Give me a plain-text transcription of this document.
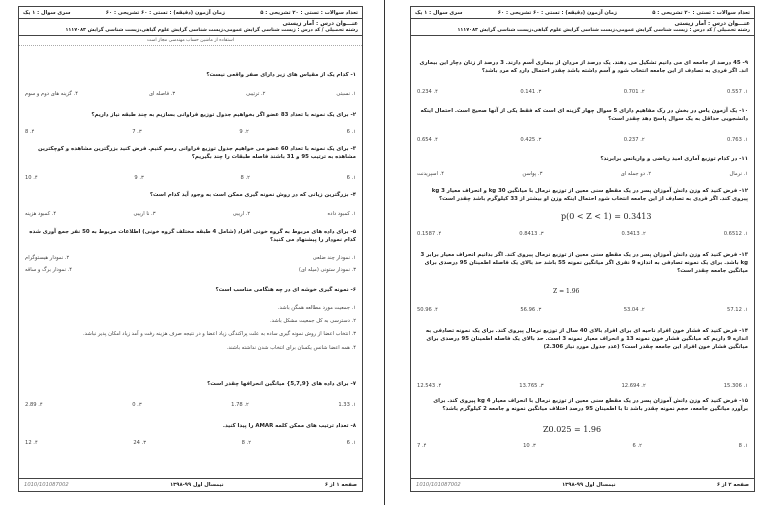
تعداد سوالات : تستی : ۲۰ تشریحی : ۵
زمان آزمون (دقیقه) : تستی : ۶۰ تشریحی : ۶۰
سری سوال : ۱ یک
عنـــوان درس : آمار زیستی
رشته تحصیلی / کد درس : زیست شناسی گرایش عمومی،زیست شناسی گرایش علوم گیاهی،زیست شناسی گرایش ۱۱۱۷۰۸۳
استفاده از ماشین حساب مهندسی مجاز است
۱- کدام یک از مقیاس های زیر دارای صفر واقعی نیست؟
۱. نسبتی
۲. ترتیبی
۳. فاصله ای
۴. گزینه های دوم و سوم
۲- برای یک نمونه با تعداد 83 عضو اگر بخواهیم جدول توزیع فراوانی بسازیم به چند طبقه نیاز داریم؟
۱. 6
۲. 9
۳. 7
۴. 8
۳- برای یک نمونه با تعداد 60 عضو می خواهیم جدول توزیع فراوانی رسم کنیم. فرض کنید بزرگترین مشاهده و کوچکترین مشاهده به ترتیب 95 و 31 باشند فاصله طبقات را چند بگیریم؟
۱. 6
۲. 8
۳. 9
۴. 10
۴- بزرگترین زیانی که در روش نمونه گیری ممکن است به وجود آید کدام است؟
۱. کمبود داده
۲. اریبی
۳. نا اریبی
۴. کمبود هزینه
۵- برای داده های مربوط به گروه خونی افراد (شامل 4 طبقه مختلف گروه خونی) اطلاعات مربوط به 50 نفر جمع آوری شده کدام نمودار را پیشنهاد می کنید؟
۱. نمودار چند ضلعی
۲. نمودار هیستوگرام
۳. نمودار ستونی (میله ای)
۴. نمودار برگ و ساقه
۶- نمونه گیری خوشه ای در چه هنگامی مناسب است؟
۱. جمعیت مورد مطالعه همگن باشد.
۲. دسترسی به کل جمعیت مشکل باشد.
۳. انتخاب اعضا از روش نمونه گیری ساده به علت پراکندگی زیاد اعضا و در نتیجه صرف هزینه رفت و آمد زیاد امکان پذیر نباشد.
۴. همه اعضا شانس یکسان برای انتخاب شدن نداشته باشند.
۷- برای داده های {5,7,9} میانگین انحرافها چقدر است؟
۱. 1.33
۲. 1.78
۳. 0
۴. 2.89
۸- تعداد ترتیب های ممکن کلمه AMAR را پیدا کنید.
۱. 6
۲. 8
۳. 24
۴. 12
صفحه ۱ از ۶
نیمسال اول ۹۹-۱۳۹۸
1010/101087002
تعداد سوالات : تستی : ۲۰ تشریحی : ۵
زمان آزمون (دقیقه) : تستی : ۶۰ تشریحی : ۶۰
سری سوال : ۱ یک
عنـــوان درس : آمار زیستی
رشته تحصیلی / کد درس : زیست شناسی گرایش عمومی،زیست شناسی گرایش علوم گیاهی،زیست شناسی گرایش ۱۱۱۷۰۸۳
۹- 45 درصد از جامعه ای می دانیم تشکیل می دهند. یک درصد از مردان از بیماری آسم دارند. 3 درصد از زنان دچار این بیماری اند. اگر فردی به تصادف از این جامعه انتخاب شود و آسم داشته باشد چقدر احتمال دارد که مرد باشد؟
۱. 0.557
۲. 0.701
۳. 0.141
۴. 0.234
۱۰- یک آزمون یاس در بخش در رک مفاهیم دارای 5 سوال چهار گزینه ای است که فقط یکی از آنها صحیح است. احتمال اینکه دانشجویی حداقل به یک سوال پاسخ دهد چقدر است؟
۱. 0.763
۲. 0.237
۳. 0.425
۴. 0.654
۱۱- در کدام توزیع آماری امید ریاضی و واریانس برابرند؟
۱. نرمال
۲. دو جمله ای
۳. پواسن
۴. اسپریدنت
۱۲- فرض کنید که وزن دانش آموزان پسر در یک مقطع سنی معین از توزیع نرمال با میانگین 30 kg و انحراف معیار 3 kg پیروی کند. اگر فردی به تصادف از این جامعه انتخاب شود احتمال اینکه وزن او بیشتر از 33 کیلوگرم باشد چقدر است؟
p(0 < Z < 1) = 0.3413
۱. 0.6512
۲. 0.3413
۳. 0.8413
۴. 0.1587
۱۳- فرض کنید که وزن دانش آموزان پسر در یک مقطع سنی معین از توزیع نرمال پیروی کند. اگر بدانیم انحراف معیار برابر 3 kg باشد. برای یک نمونه تصادفی به اندازه 9 نفری اگر میانگین نمونه 55 باشد حد بالای یک فاصله اطمینان 95 درصدی برای میانگین جامعه چقدر است؟
Z = 1.96
۱. 57.12
۲. 53.04
۳. 56.96
۴. 50.96
۱۴- فرض کنید که فشار خون افراد ناحیه ای برای افراد بالای 40 سال از توزیع نرمال پیروی کند. برای یک نمونه تصادفی به اندازه 9 داریم که میانگین فشار خون نمونه 13 و انحراف معیار نمونه 3 است. حد بالای یک فاصله اطمینان 95 درصدی برای میانگین فشار خون افراد این جامعه چقدر است؟ (عدد جدول مورد نیاز 2.306)
۱. 15.306
۲. 12.694
۳. 13.765
۴. 12.543
۱۵- فرض کنید که وزن دانش آموزان پسر در یک مقطع سنی معین از توزیع نرمال با انحراف معیار 4 kg پیروی کند. برای برآورد میانگین جامعه، حجم نمونه چقدر باشد تا با اطمینان 95 درصد اختلاف میانگین نمونه و جامعه 2 کیلوگرم باشد؟
Z0.025 = 1.96
۱. 8
۲. 6
۳. 10
۴. 7
صفحه ۲ از ۶
نیمسال اول ۹۹-۱۳۹۸
1010/101087002
